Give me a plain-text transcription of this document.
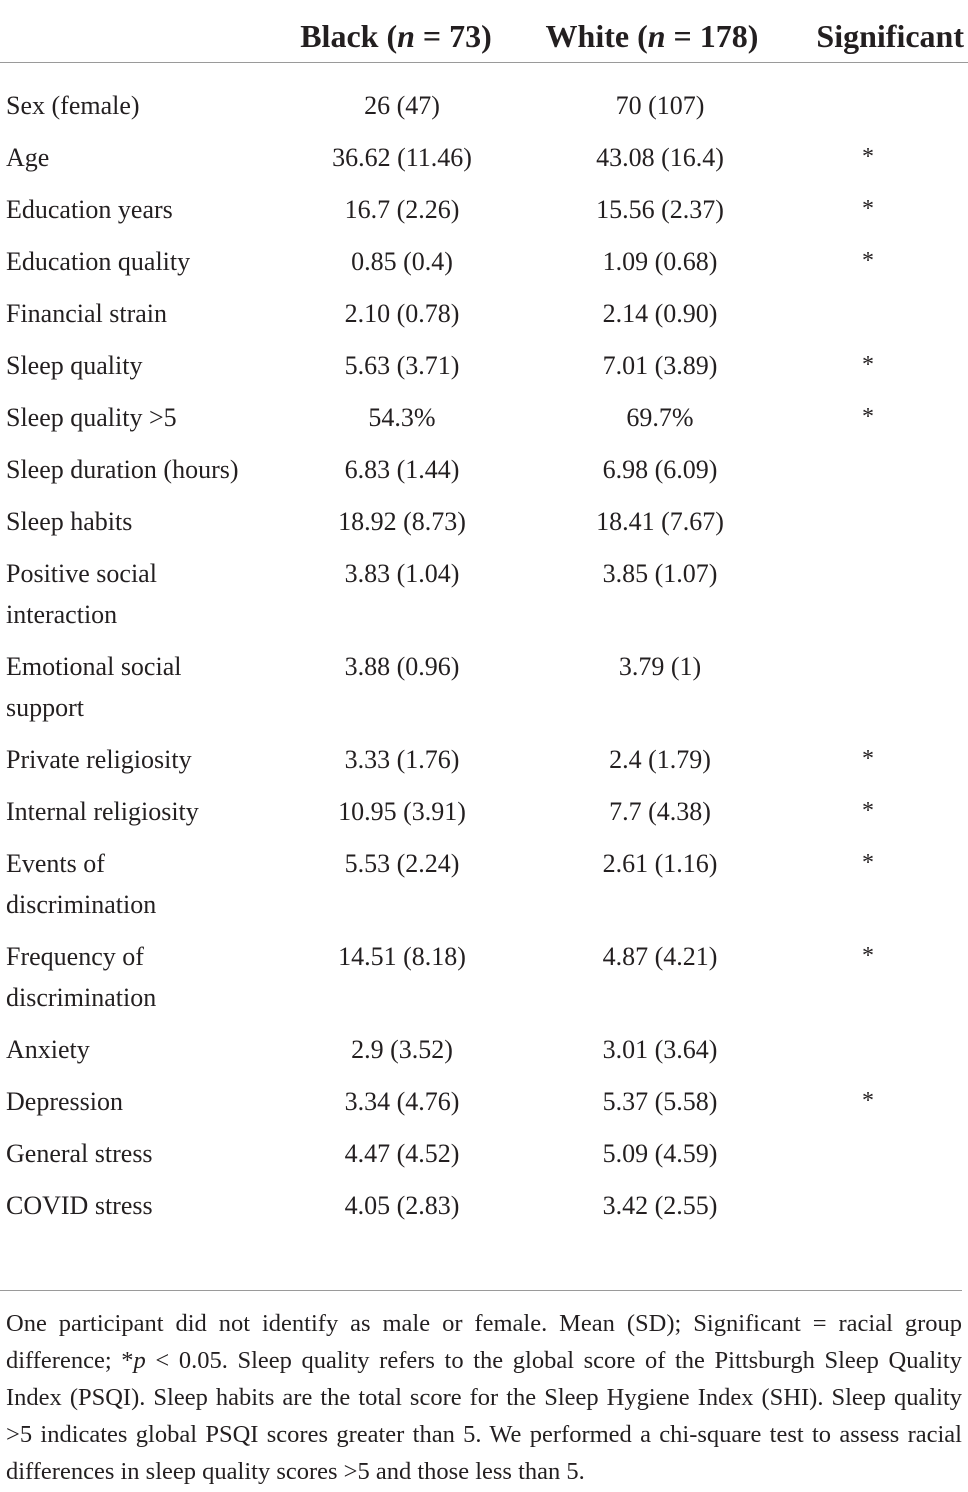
	Black (n = 73)	White (n = 178)	Significant
Sex (female)	26 (47)	70 (107)	
Age	36.62 (11.46)	43.08 (16.4)	*
Education years	16.7 (2.26)	15.56 (2.37)	*
Education quality	0.85 (0.4)	1.09 (0.68)	*
Financial strain	2.10 (0.78)	2.14 (0.90)	
Sleep quality	5.63 (3.71)	7.01 (3.89)	*
Sleep quality >5	54.3%	69.7%	*
Sleep duration (hours)	6.83 (1.44)	6.98 (6.09)	
Sleep habits	18.92 (8.73)	18.41 (7.67)	
Positive social interaction	3.83 (1.04)	3.85 (1.07)	
Emotional social support	3.88 (0.96)	3.79 (1)	
Private religiosity	3.33 (1.76)	2.4 (1.79)	*
Internal religiosity	10.95 (3.91)	7.7 (4.38)	*
Events of discrimination	5.53 (2.24)	2.61 (1.16)	*
Frequency of discrimination	14.51 (8.18)	4.87 (4.21)	*
Anxiety	2.9 (3.52)	3.01 (3.64)	
Depression	3.34 (4.76)	5.37 (5.58)	*
General stress	4.47 (4.52)	5.09 (4.59)	
COVID stress	4.05 (2.83)	3.42 (2.55)	

One participant did not identify as male or female. Mean (SD); Significant = racial group difference; *p < 0.05. Sleep quality refers to the global score of the Pittsburgh Sleep Quality Index (PSQI). Sleep habits are the total score for the Sleep Hygiene Index (SHI). Sleep quality >5 indicates global PSQI scores greater than 5. We performed a chi-square test to assess racial differences in sleep quality scores >5 and those less than 5.
